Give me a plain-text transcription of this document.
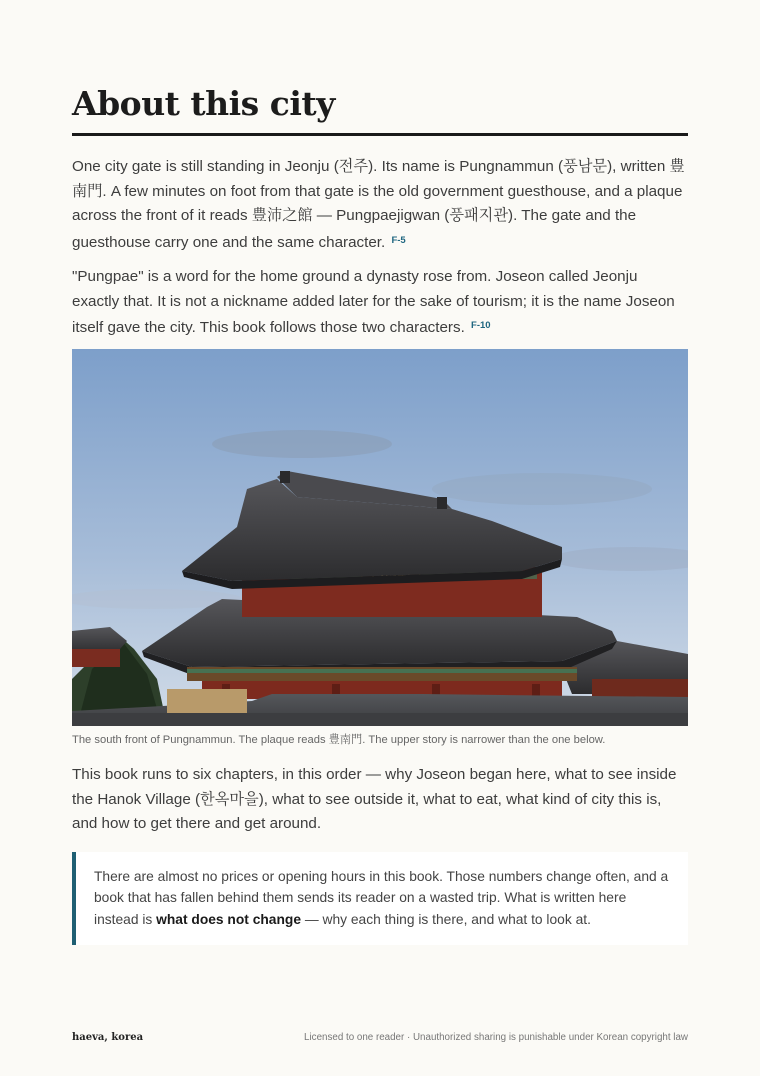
About this city

One city gate is still standing in Jeonju (전주). Its name is Pungnammun (풍남문), written 豊南門. A few minutes on foot from that gate is the old government guesthouse, and a plaque across the front of it reads 豊沛之館 — Pungpaejigwan (풍패지관). The gate and the guesthouse carry one and the same character. $^{F-5}$

"Pungpae" is a word for the home ground a dynasty rose from. Joseon called Jeonju exactly that. It is not a nickname added later for the sake of tourism; it is the name Joseon itself gave the city. This book follows those two characters. $^{F-10}$

The south front of Pungnammun. The plaque reads 豊南門. The upper story is narrower than the one below.

This book runs to six chapters, in this order — why Joseon began here, what to see inside the Hanok Village (한옥마을), what to see outside it, what to eat, what kind of city this is, and how to get there and get around.

There are almost no prices or opening hours in this book. Those numbers change often, and a book that has fallen behind them sends its reader on a wasted trip. What is written here instead is what does not change — why each thing is there, and what to look at.

haeva, korea	Licensed to one reader · Unauthorized sharing is punishable under Korean copyright law
